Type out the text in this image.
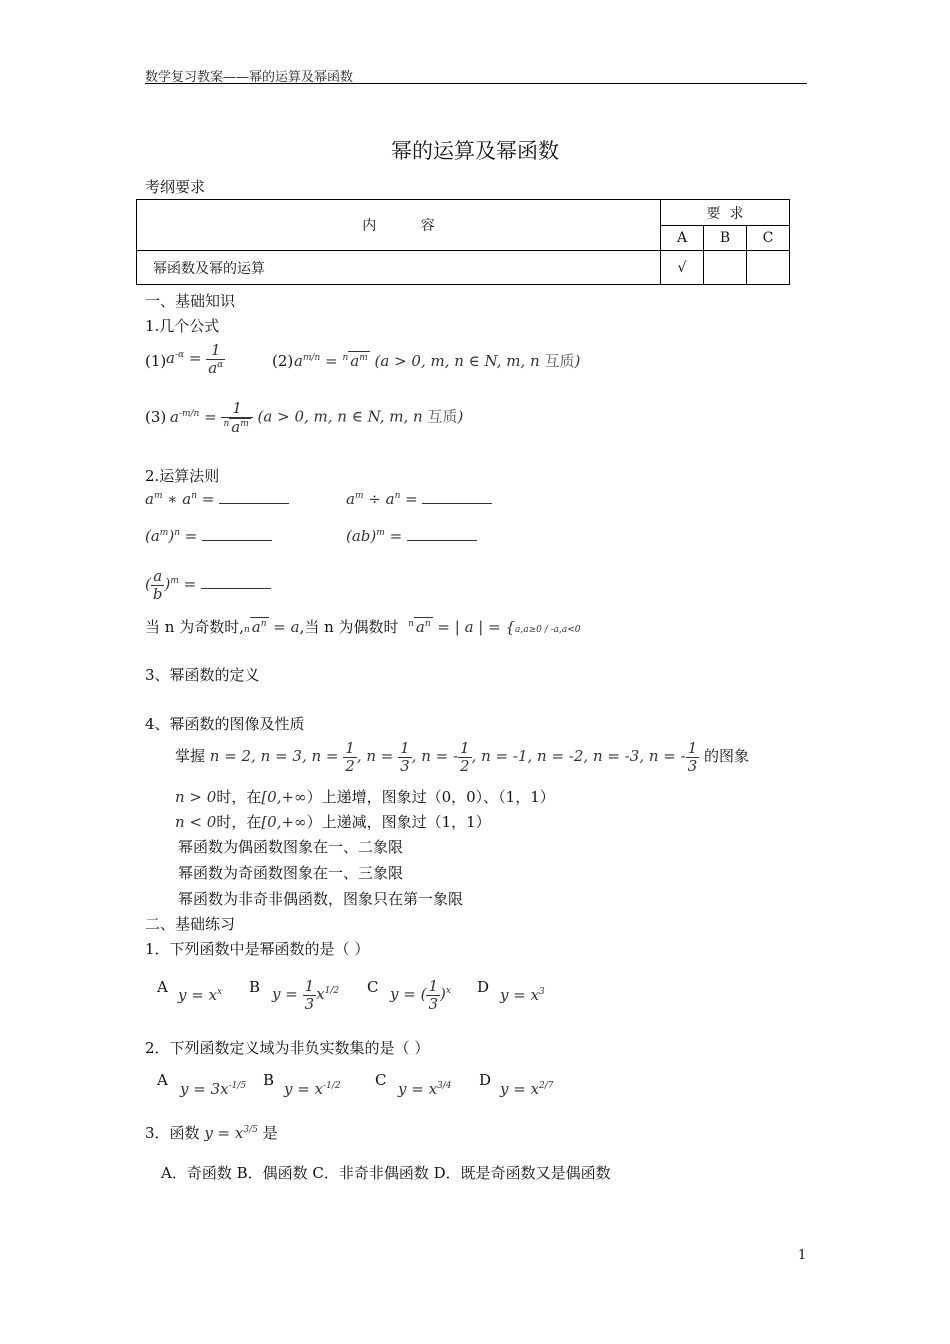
数学复习教案——幂的运算及幂函数
幂的运算及幂函数
考纲要求
内          容	要  求		
	A	B	C
幂函数及幂的运算	√		
一、基础知识
1.几个公式
(1) $a^{-\alpha} = \frac{1}{a^\alpha}$	(2) $a^{m/n} = ^n$ $a^m$ (a > 0, m, n ∈ N, m, n 互质)
(3) $a^{-m/n} = \frac{1}{^n a^m} (a > 0$, m, n ∈ N, m, n 互质)
2.运算法则
$a^m$ ∗ $a^n$ =	$a^m \div a^n$ =
$(a^m)^n$ =	(ab)$^m$ =
( $\frac{a}{b} )^m$ =
当 n 为奇数时,n $a^n = a$,当 n 为偶数时 $^n$ $a^n$ = | a | = {a,a≥0 / -a,a<0
3、幂函数的定义
4、幂函数的图像及性质
掌握 n = 2, n = 3, $n = \frac{1}{2}$ , $n = \frac{1}{3}$ , n = - $\frac{1}{2}$ , n = -1, n = -2, n = -3, n = - $\frac{1}{3}$ 的图象
n > 0时，在[0,+∞）上递增，图象过（0，0）、（1，1）
n < 0时，在[0,+∞）上递减，图象过（1，1）
幂函数为偶函数图象在一、二象限
幂函数为奇函数图象在一、三象限
幂函数为非奇非偶函数，图象只在第一象限
二、基础练习
1．下列函数中是幂函数的是（ ）
A $y = x^x$ B $y = \frac{1}{3} x^{1/2}$ C y = ( $\frac{1}{3} )^x$ D $y = x^3$
2．下列函数定义域为非负实数集的是（ ）
A $y = 3x^{-1/5}$ B $y = x^{-1/2}$ C $y = x^{3/4}$ D $y = x^{2/7}$
3．函数 $y = x^{3/5}$ 是
A．奇函数 B．偶函数 C．非奇非偶函数 D．既是奇函数又是偶函数
1
